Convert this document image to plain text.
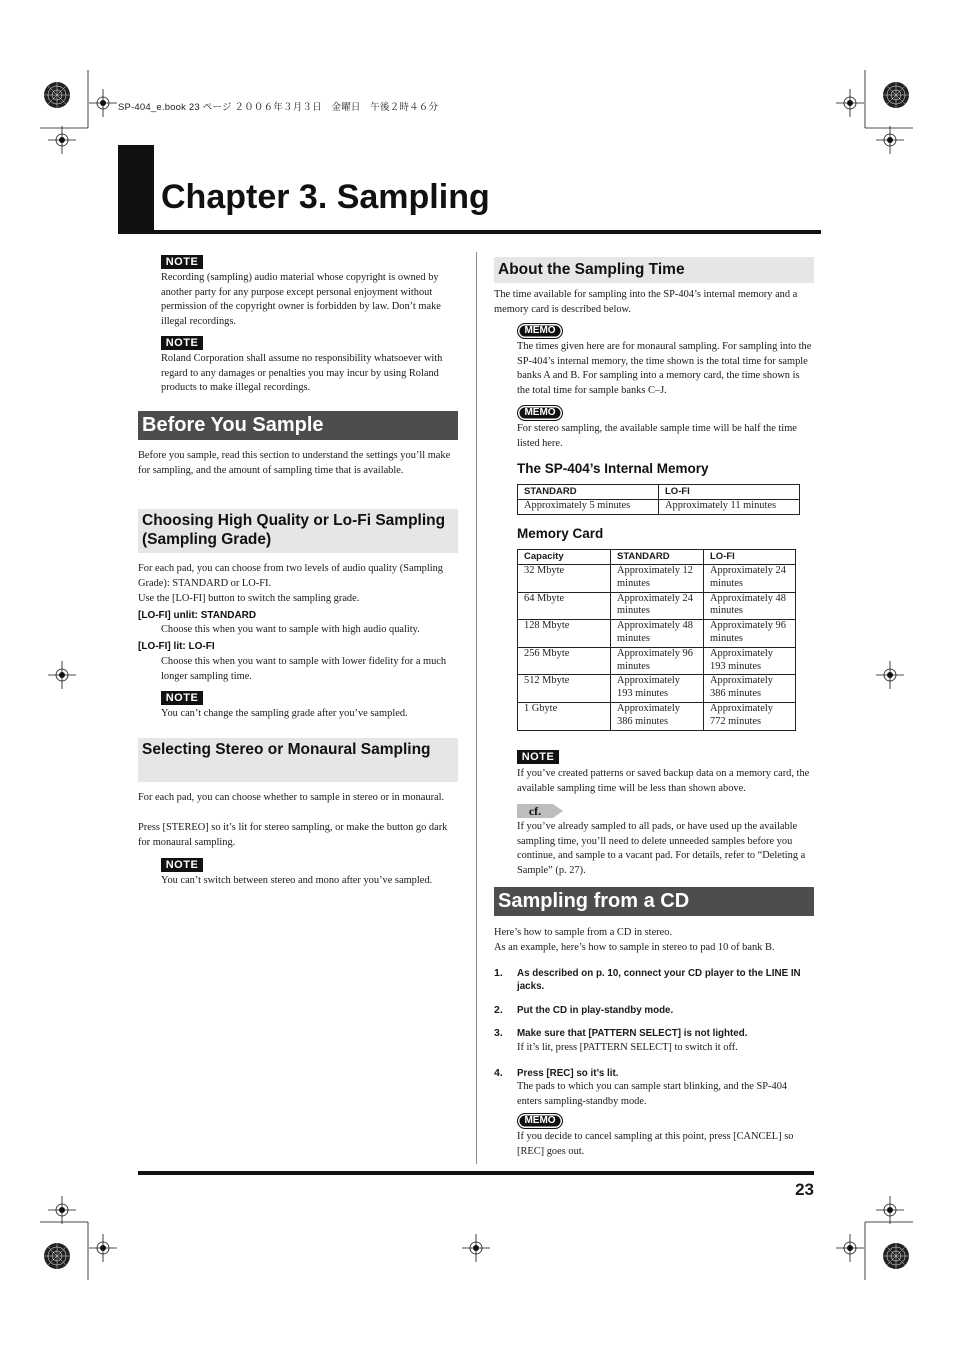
SP-404_e.book 23 ページ ２００６年３月３日　金曜日　午後２時４６分
Chapter 3. Sampling
NOTE
Recording (sampling) audio material whose copyright is owned by another party for any purpose except personal enjoyment without permission of the copyright owner is forbidden by law. Don’t make illegal recordings.
NOTE
Roland Corporation shall assume no responsibility whatsoever with regard to any damages or penalties you may incur by using Roland products to make illegal recordings.
Before You Sample
Before you sample, read this section to understand the settings you’ll make for sampling, and the amount of sampling time that is available.
Choosing High Quality or Lo-Fi Sampling (Sampling Grade)
For each pad, you can choose from two levels of audio quality (Sampling Grade): STANDARD or LO-FI.
Use the [LO-FI] button to switch the sampling grade.
[LO-FI] unlit: STANDARD
Choose this when you want to sample with high audio quality.
[LO-FI] lit: LO-FI
Choose this when you want to sample with lower fidelity for a much longer sampling time.
NOTE
You can’t change the sampling grade after you’ve sampled.
Selecting Stereo or Monaural Sampling
For each pad, you can choose whether to sample in stereo or in monaural.
Press [STEREO] so it’s lit for stereo sampling, or make the button go dark for monaural sampling.
NOTE
You can’t switch between stereo and mono after you’ve sampled.
About the Sampling Time
The time available for sampling into the SP-404’s internal memory and a memory card is described below.
MEMO
The times given here are for monaural sampling. For sampling into the SP-404’s internal memory, the time shown is the total time for sample banks A and B. For sampling into a memory card, the time shown is the total time for sample banks C–J.
MEMO
For stereo sampling, the available sample time will be half the time listed here.
The SP-404’s Internal Memory
STANDARD	LO-FI
Approximately 5 minutes	Approximately 11 minutes
Memory Card
Capacity	STANDARD	LO-FI
32 Mbyte	Approximately 12 minutes	Approximately 24 minutes
64 Mbyte	Approximately 24 minutes	Approximately 48 minutes
128 Mbyte	Approximately 48 minutes	Approximately 96 minutes
256 Mbyte	Approximately 96 minutes	Approximately 193 minutes
512 Mbyte	Approximately 193 minutes	Approximately 386 minutes
1 Gbyte	Approximately 386 minutes	Approximately 772 minutes
NOTE
If you’ve created patterns or saved backup data on a memory card, the available sampling time will be less than shown above.
cf.
If you’ve already sampled to all pads, or have used up the available sampling time, you’ll need to delete unneeded samples before you continue, and sample to a vacant pad. For details, refer to “Deleting a Sample” (p. 27).
Sampling from a CD
Here’s how to sample from a CD in stereo.
As an example, here’s how to sample in stereo to pad 10 of bank B.
1. As described on p. 10, connect your CD player to the LINE IN jacks.
2. Put the CD in play-standby mode.
3. Make sure that [PATTERN SELECT] is not lighted.
If it’s lit, press [PATTERN SELECT] to switch it off.
4. Press [REC] so it’s lit.
The pads to which you can sample start blinking, and the SP-404 enters sampling-standby mode.
MEMO
If you decide to cancel sampling at this point, press [CANCEL] so [REC] goes out.
23
